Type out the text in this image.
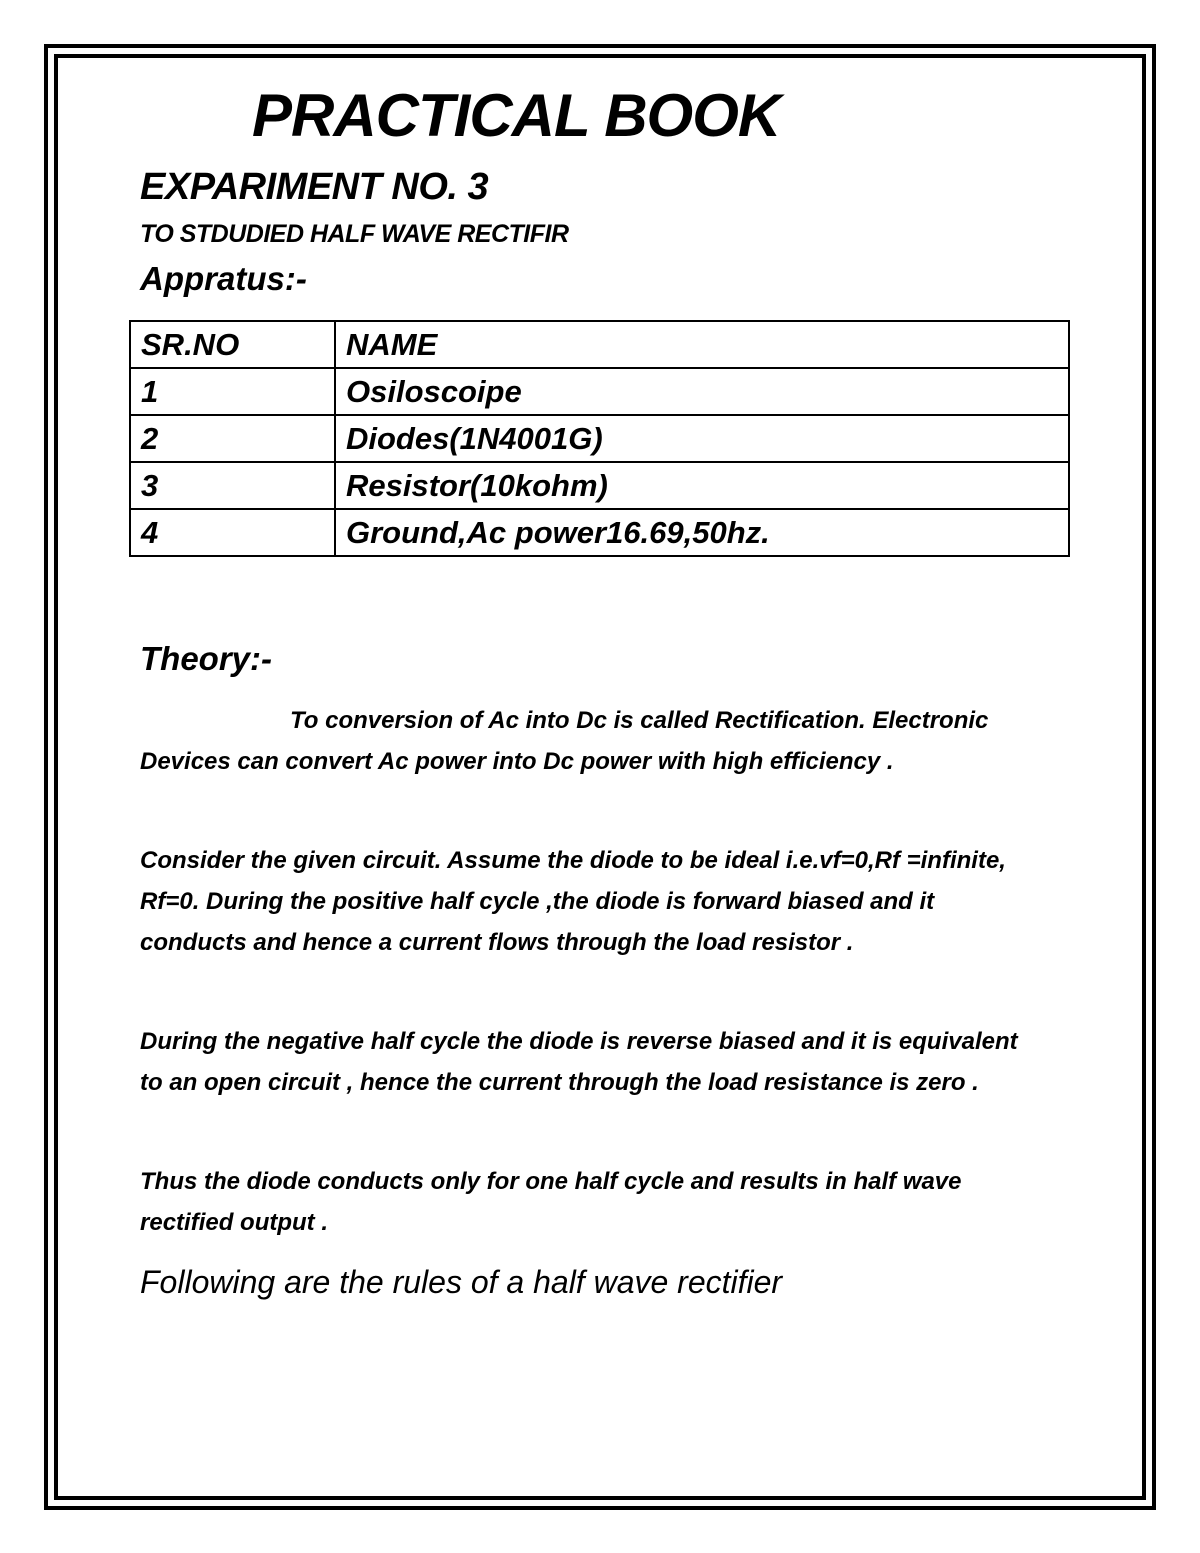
PRACTICAL BOOK
EXPARIMENT NO. 3
TO STDUDIED HALF WAVE RECTIFIR
Appratus:-
SR.NO	NAME
1	Osiloscoipe
2	Diodes(1N4001G)
3	Resistor(10kohm)
4	Ground,Ac power16.69,50hz.
Theory:-

To conversion of Ac into Dc is called Rectification. Electronic Devices can convert Ac power into Dc power with high efficiency .

Consider the given circuit. Assume the diode to be ideal i.e.vf=0,Rf =infinite, Rf=0. During the positive half cycle ,the diode is forward biased and it conducts and hence a current flows through the load resistor .

During the negative half cycle the diode is reverse biased and it is equivalent to an open circuit , hence the current through the load resistance is zero .

Thus the diode conducts only for one half cycle and results in half wave rectified output .

Following are the rules of a half wave rectifier
